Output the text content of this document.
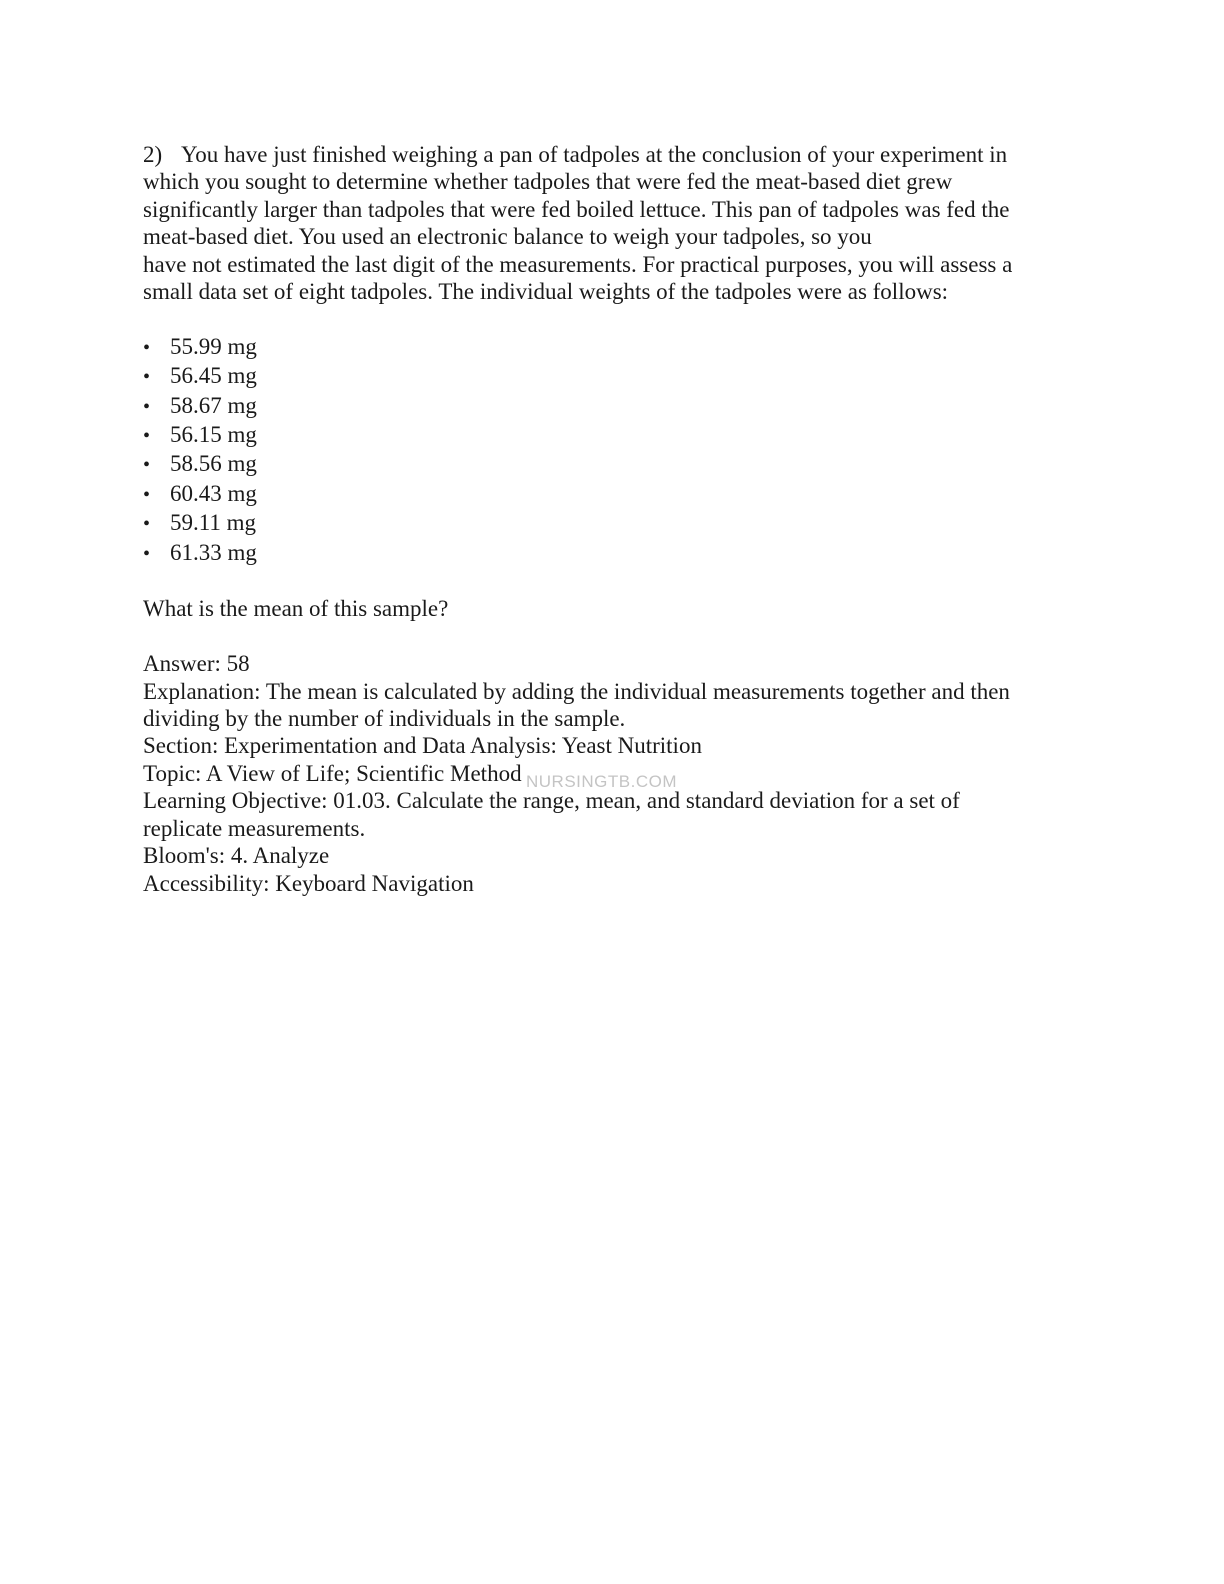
2) You have just finished weighing a pan of tadpoles at the conclusion of your experiment in
which you sought to determine whether tadpoles that were fed the meat-based diet grew
significantly larger than tadpoles that were fed boiled lettuce. This pan of tadpoles was fed the
meat-based diet. You used an electronic balance to weigh your tadpoles, so you
have not estimated the last digit of the measurements. For practical purposes, you will assess a
small data set of eight tadpoles. The individual weights of the tadpoles were as follows:
• 55.99 mg
• 56.45 mg
• 58.67 mg
• 56.15 mg
• 58.56 mg
• 60.43 mg
• 59.11 mg
• 61.33 mg
What is the mean of this sample?
Answer: 58
Explanation: The mean is calculated by adding the individual measurements together and then
dividing by the number of individuals in the sample.
Section: Experimentation and Data Analysis: Yeast Nutrition
Topic: A View of Life; Scientific Method
Learning Objective: 01.03. Calculate the range, mean, and standard deviation for a set of
replicate measurements.
Bloom's: 4. Analyze
Accessibility: Keyboard Navigation
NURSINGTB.COM
